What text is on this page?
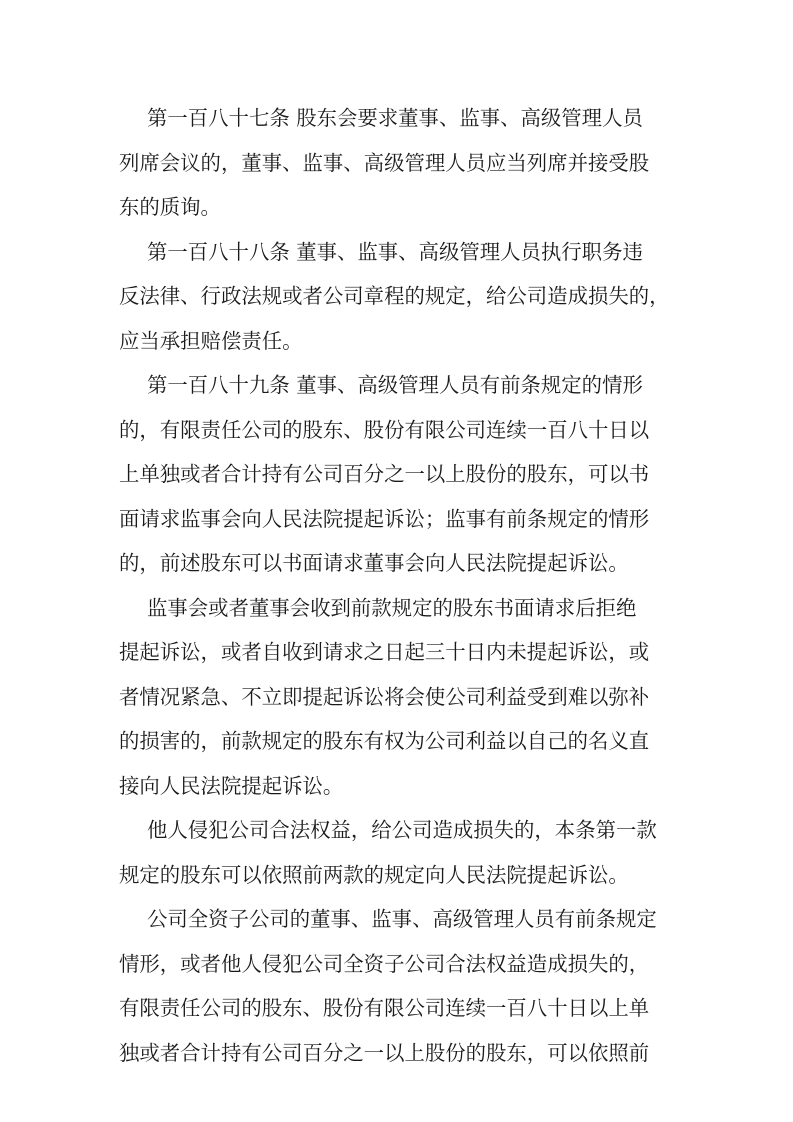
第一百八十七条 股东会要求董事、监事、高级管理人员
列席会议的，董事、监事、高级管理人员应当列席并接受股
东的质询。
第一百八十八条 董事、监事、高级管理人员执行职务违
反法律、行政法规或者公司章程的规定，给公司造成损失的，
应当承担赔偿责任。
第一百八十九条 董事、高级管理人员有前条规定的情形
的，有限责任公司的股东、股份有限公司连续一百八十日以
上单独或者合计持有公司百分之一以上股份的股东，可以书
面请求监事会向人民法院提起诉讼；监事有前条规定的情形
的，前述股东可以书面请求董事会向人民法院提起诉讼。
监事会或者董事会收到前款规定的股东书面请求后拒绝
提起诉讼，或者自收到请求之日起三十日内未提起诉讼，或
者情况紧急、不立即提起诉讼将会使公司利益受到难以弥补
的损害的，前款规定的股东有权为公司利益以自己的名义直
接向人民法院提起诉讼。
他人侵犯公司合法权益，给公司造成损失的，本条第一款
规定的股东可以依照前两款的规定向人民法院提起诉讼。
公司全资子公司的董事、监事、高级管理人员有前条规定
情形，或者他人侵犯公司全资子公司合法权益造成损失的，
有限责任公司的股东、股份有限公司连续一百八十日以上单
独或者合计持有公司百分之一以上股份的股东，可以依照前
